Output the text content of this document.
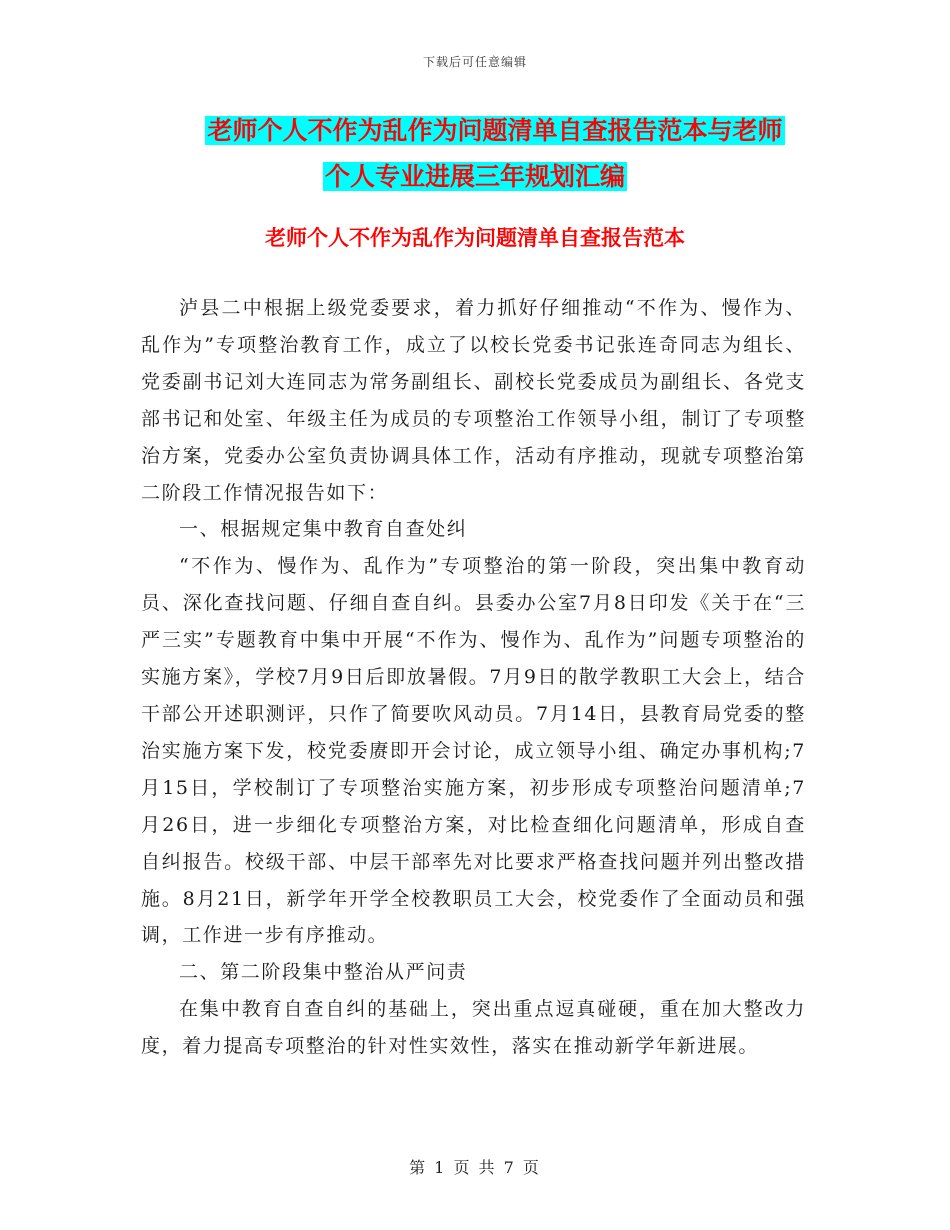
下载后可任意编辑
老师个人不作为乱作为问题清单自查报告范本与老师
个人专业进展三年规划汇编
老师个人不作为乱作为问题清单自查报告范本

泸县二中根据上级党委要求，着力抓好仔细推动“不作为、慢作为、乱作为”专项整治教育工作，成立了以校长党委书记张连奇同志为组长、党委副书记刘大连同志为常务副组长、副校长党委成员为副组长、各党支部书记和处室、年级主任为成员的专项整治工作领导小组，制订了专项整治方案，党委办公室负责协调具体工作，活动有序推动，现就专项整治第二阶段工作情况报告如下：

一、根据规定集中教育自查处纠

“不作为、慢作为、乱作为”专项整治的第一阶段，突出集中教育动员、深化查找问题、仔细自查自纠。县委办公室7月8日印发《关于在“三严三实”专题教育中集中开展“不作为、慢作为、乱作为”问题专项整治的实施方案》，学校7月9日后即放暑假。7月9日的散学教职工大会上，结合干部公开述职测评，只作了简要吹风动员。7月14日，县教育局党委的整治实施方案下发，校党委赓即开会讨论，成立领导小组、确定办事机构;7月15日，学校制订了专项整治实施方案，初步形成专项整治问题清单;7月26日，进一步细化专项整治方案，对比检查细化问题清单，形成自查自纠报告。校级干部、中层干部率先对比要求严格查找问题并列出整改措施。8月21日，新学年开学全校教职员工大会，校党委作了全面动员和强调，工作进一步有序推动。

二、第二阶段集中整治从严问责

在集中教育自查自纠的基础上，突出重点逗真碰硬，重在加大整改力度，着力提高专项整治的针对性实效性，落实在推动新学年新进展。

第 1 页 共 7 页
